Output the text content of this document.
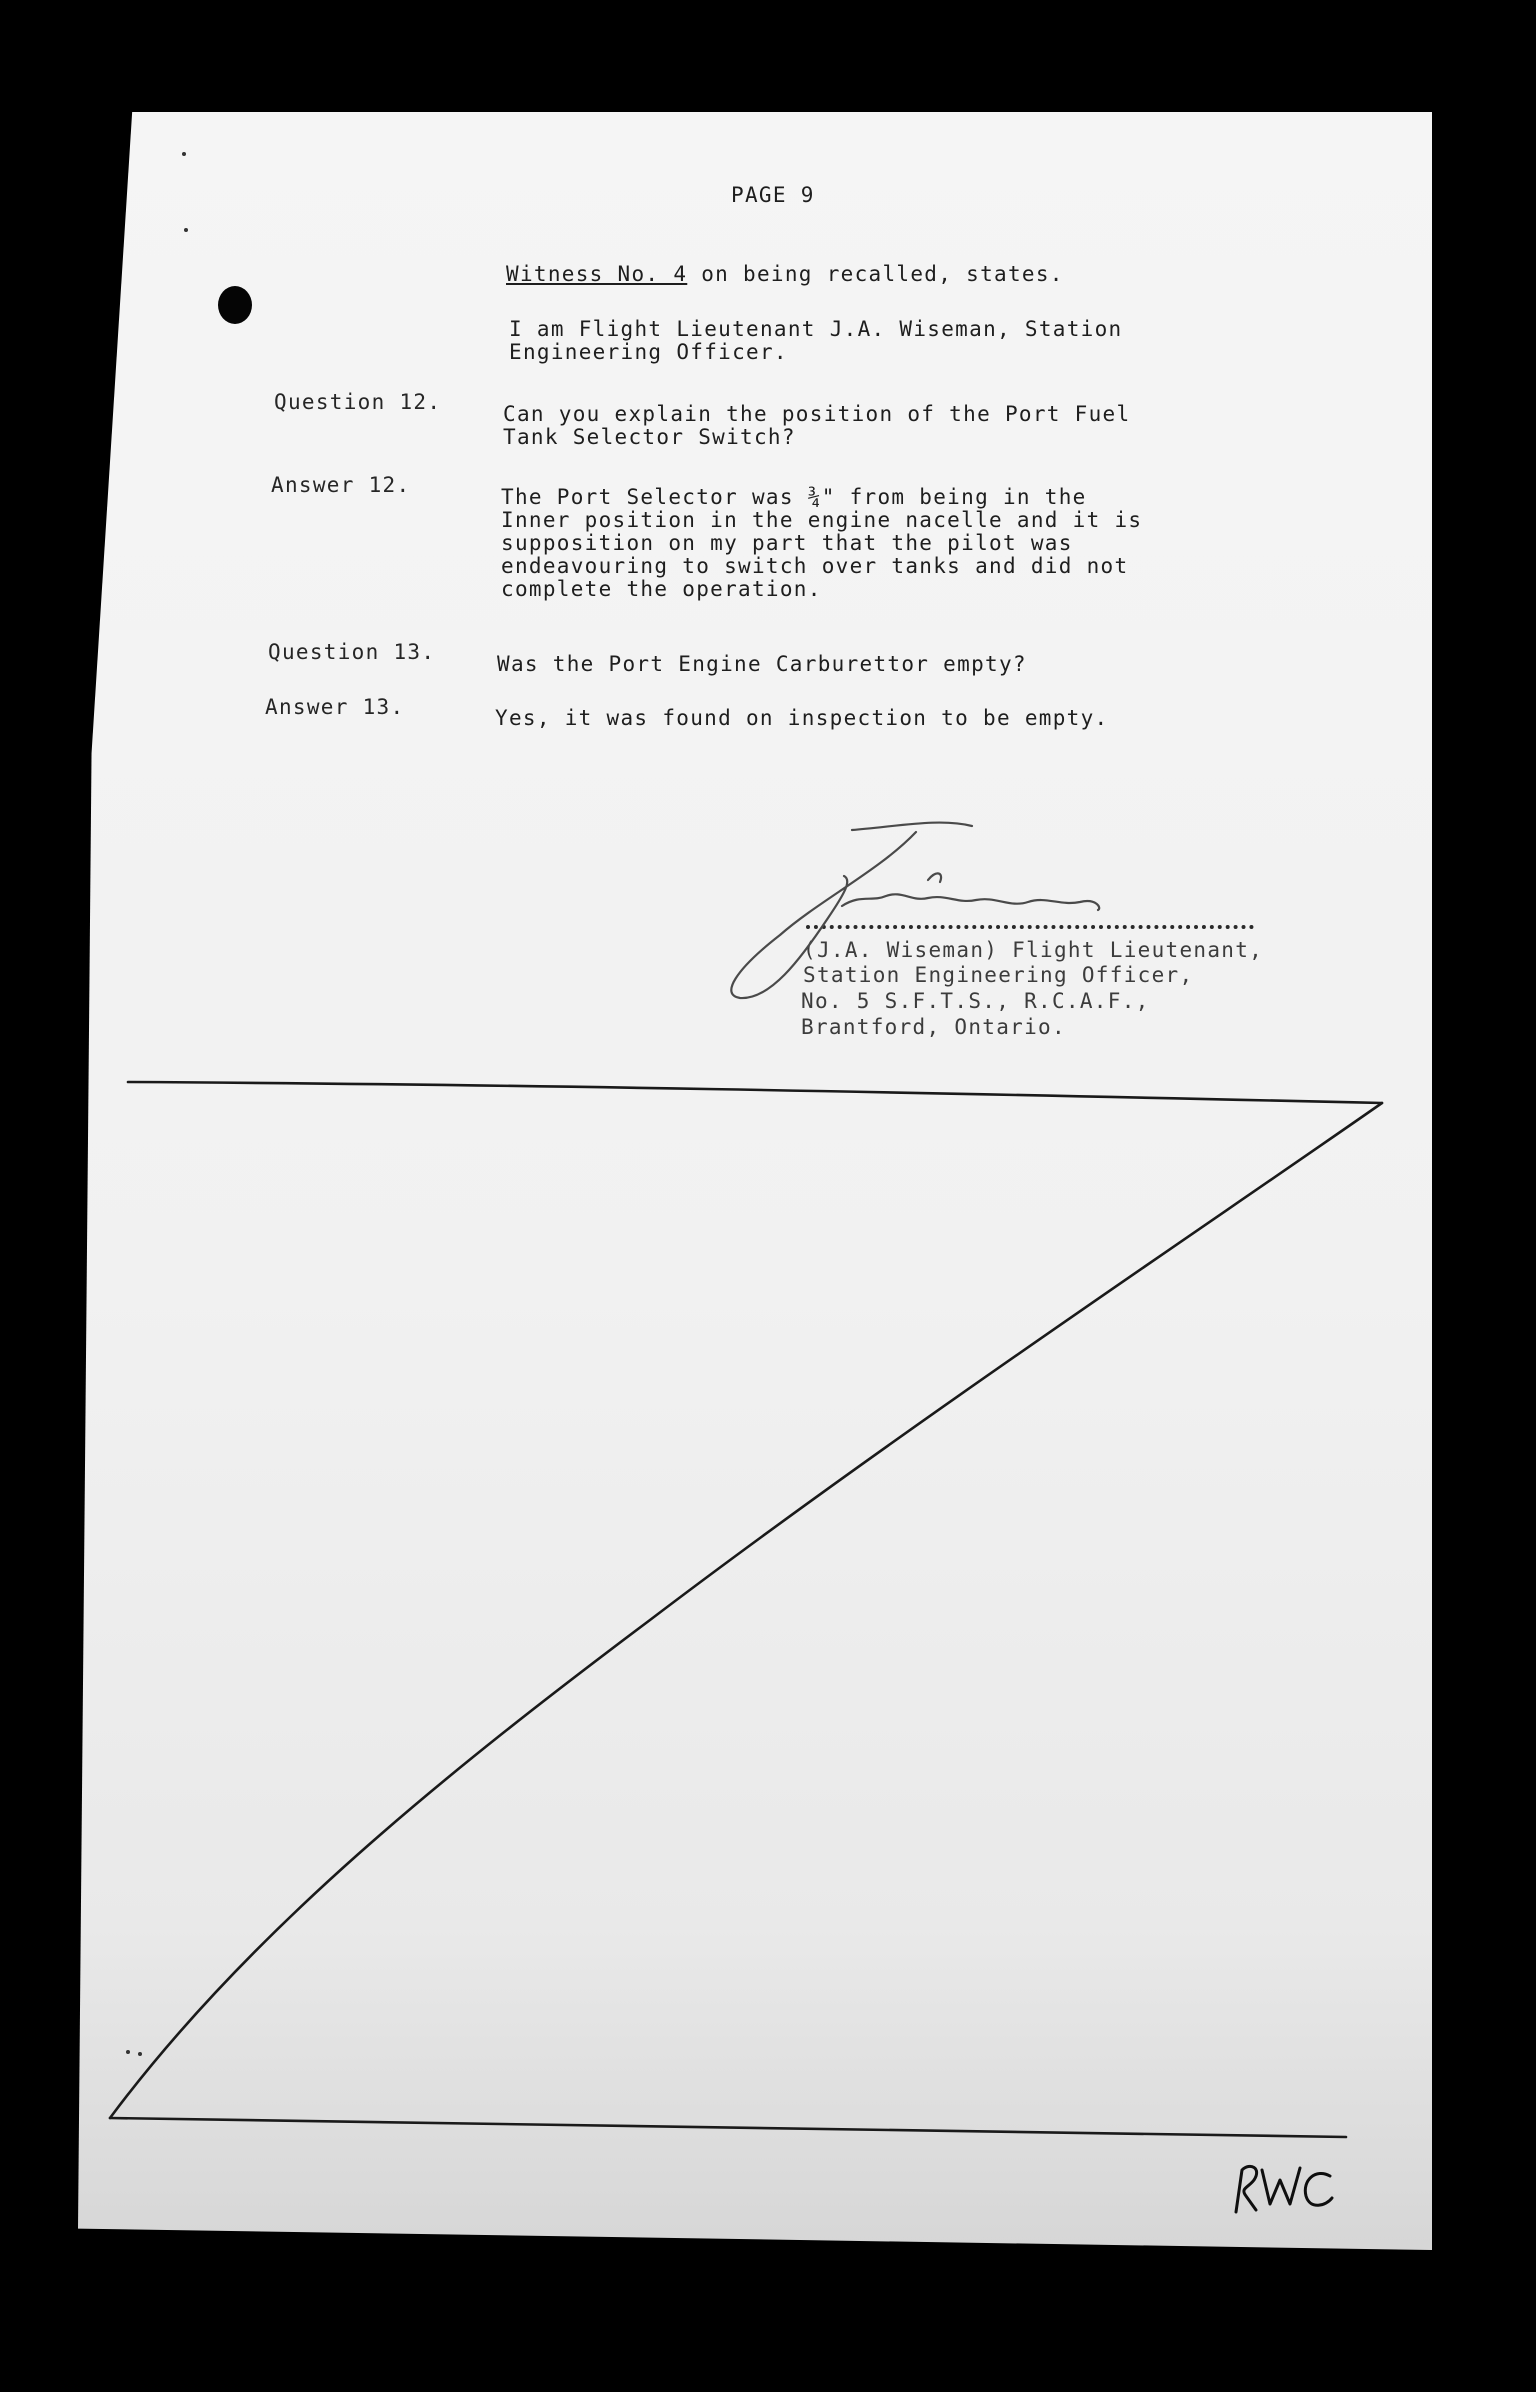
PAGE 9
Witness No. 4 on being recalled, states.
I am Flight Lieutenant J.A. Wiseman, Station
Engineering Officer.
Question 12.	Can you explain the position of the Port Fuel
Tank Selector Switch?
Answer 12.	The Port Selector was ¾" from being in the
Inner position in the engine nacelle and it is
supposition on my part that the pilot was
endeavouring to switch over tanks and did not
complete the operation.
Question 13.	Was the Port Engine Carburettor empty?
Answer 13.	Yes, it was found on inspection to be empty.
(J.A. Wiseman) Flight Lieutenant,
Station Engineering Officer,
No. 5 S.F.T.S., R.C.A.F.,
Brantford, Ontario.
